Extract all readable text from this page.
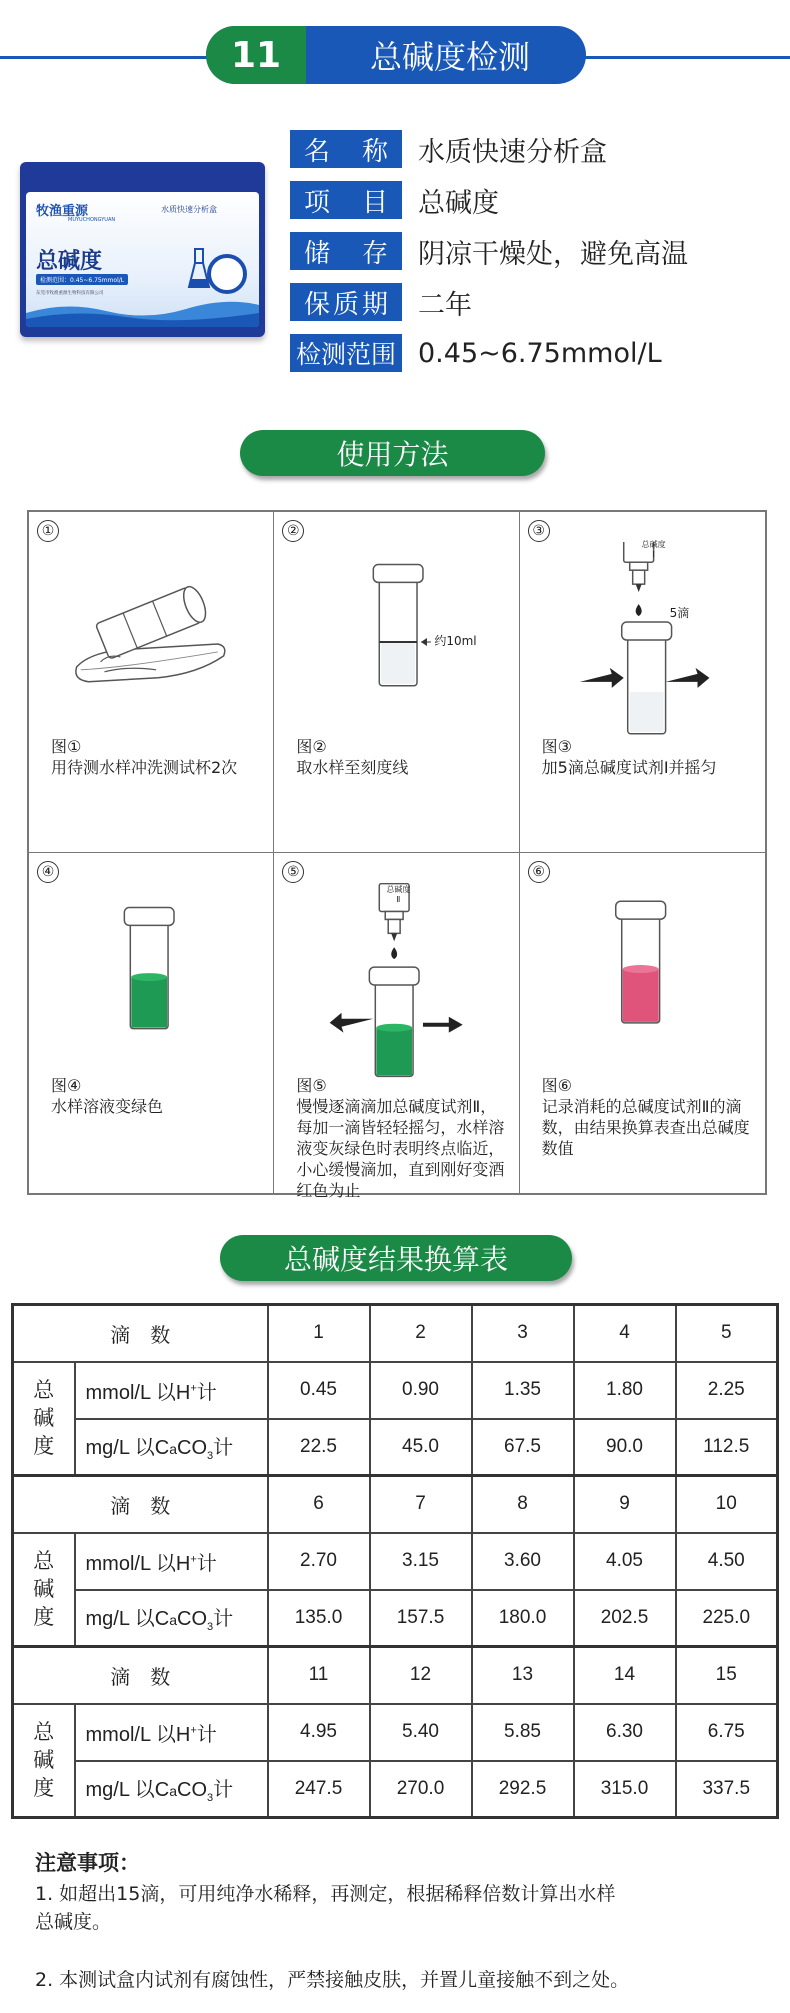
11	总碱度检测
牧渔重源
MUYUCHONGYUAN
水质快速分析盒
总碱度
检测范围：0.45~6.75mmol/L
东莞市牧渔重源生物科技有限公司
名 称 水质快速分析盒
项 目 总碱度
储 存 阴凉干燥处，避免高温
保 质 期 二年
检测范围 0.45~6.75mmol/L
使用方法
①
图①
用待测水样冲洗测试杯2次
②
约10ml
图②
取水样至刻度线
③
总碱度 Ⅰ
5滴
图③
加5滴总碱度试剂Ⅰ并摇匀
④
图④
水样溶液变绿色
⑤
总碱度 Ⅱ
图⑤
慢慢逐滴滴加总碱度试剂Ⅱ，每加一滴皆轻轻摇匀，水样溶液变灰绿色时表明终点临近，小心缓慢滴加，直到刚好变酒红色为止
⑥
图⑥
记录消耗的总碱度试剂Ⅱ的滴数，由结果换算表查出总碱度数值
总碱度结果换算表
滴　数		1	2	3	4	5

总
碱
度	mmol/L 以H+计	0.45	0.90	1.35	1.80	2.25
	mg/L 以CaCO$_3$计	22.5	45.0	67.5	90.0	112.5
滴　数		6	7	8	9	10

总
碱
度	mmol/L 以H+计	2.70	3.15	3.60	4.05	4.50
	mg/L 以CaCO$_3$计	135.0	157.5	180.0	202.5	225.0
滴　数		11	12	13	14	15

总
碱
度	mmol/L 以H+计	4.95	5.40	5.85	6.30	6.75
	mg/L 以CaCO$_3$计	247.5	270.0	292.5	315.0	337.5
注意事项：
1. 如超出15滴，可用纯净水稀释，再测定，根据稀释倍数计算出水样
总碱度。
2. 本测试盒内试剂有腐蚀性，严禁接触皮肤，并置儿童接触不到之处。
